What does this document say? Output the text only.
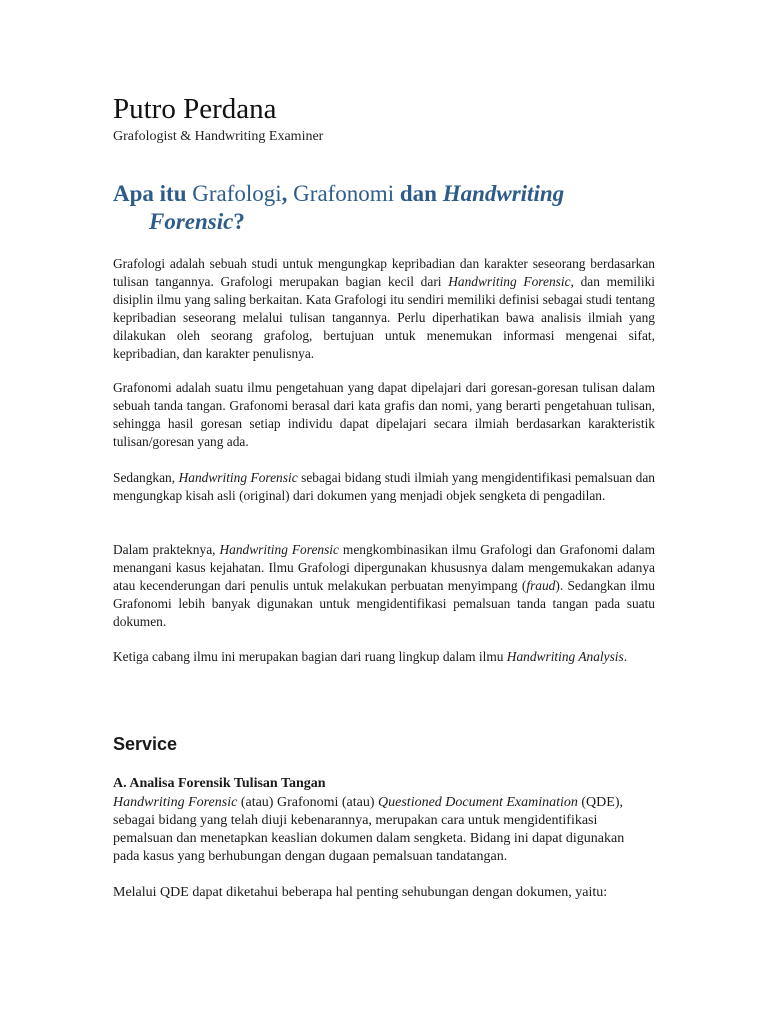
Putro Perdana

Grafologist & Handwriting Examiner

Apa itu Grafologi, Grafonomi dan Handwriting
Forensic?

Grafologi adalah sebuah studi untuk mengungkap kepribadian dan karakter seseorang berdasarkan tulisan tangannya. Grafologi merupakan bagian kecil dari Handwriting Forensic, dan memiliki disiplin ilmu yang saling berkaitan. Kata Grafologi itu sendiri memiliki definisi sebagai studi tentang kepribadian seseorang melalui tulisan tangannya. Perlu diperhatikan bawa analisis ilmiah yang dilakukan oleh seorang grafolog, bertujuan untuk menemukan informasi mengenai sifat, kepribadian, dan karakter penulisnya.

Grafonomi adalah suatu ilmu pengetahuan yang dapat dipelajari dari goresan-goresan tulisan dalam sebuah tanda tangan. Grafonomi berasal dari kata grafis dan nomi, yang berarti pengetahuan tulisan, sehingga hasil goresan setiap individu dapat dipelajari secara ilmiah berdasarkan karakteristik tulisan/goresan yang ada.

Sedangkan, Handwriting Forensic sebagai bidang studi ilmiah yang mengidentifikasi pemalsuan dan mengungkap kisah asli (original) dari dokumen yang menjadi objek sengketa di pengadilan.

Dalam prakteknya, Handwriting Forensic mengkombinasikan ilmu Grafologi dan Grafonomi dalam menangani kasus kejahatan. Ilmu Grafologi dipergunakan khususnya dalam mengemukakan adanya atau kecenderungan dari penulis untuk melakukan perbuatan menyimpang (fraud). Sedangkan ilmu Grafonomi lebih banyak digunakan untuk mengidentifikasi pemalsuan tanda tangan pada suatu dokumen.

Ketiga cabang ilmu ini merupakan bagian dari ruang lingkup dalam ilmu Handwriting Analysis.

Service

A. Analisa Forensik Tulisan Tangan

Handwriting Forensic (atau) Grafonomi (atau) Questioned Document Examination (QDE), sebagai bidang yang telah diuji kebenarannya, merupakan cara untuk mengidentifikasi pemalsuan dan menetapkan keaslian dokumen dalam sengketa. Bidang ini dapat digunakan pada kasus yang berhubungan dengan dugaan pemalsuan tandatangan.

Melalui QDE dapat diketahui beberapa hal penting sehubungan dengan dokumen, yaitu:
